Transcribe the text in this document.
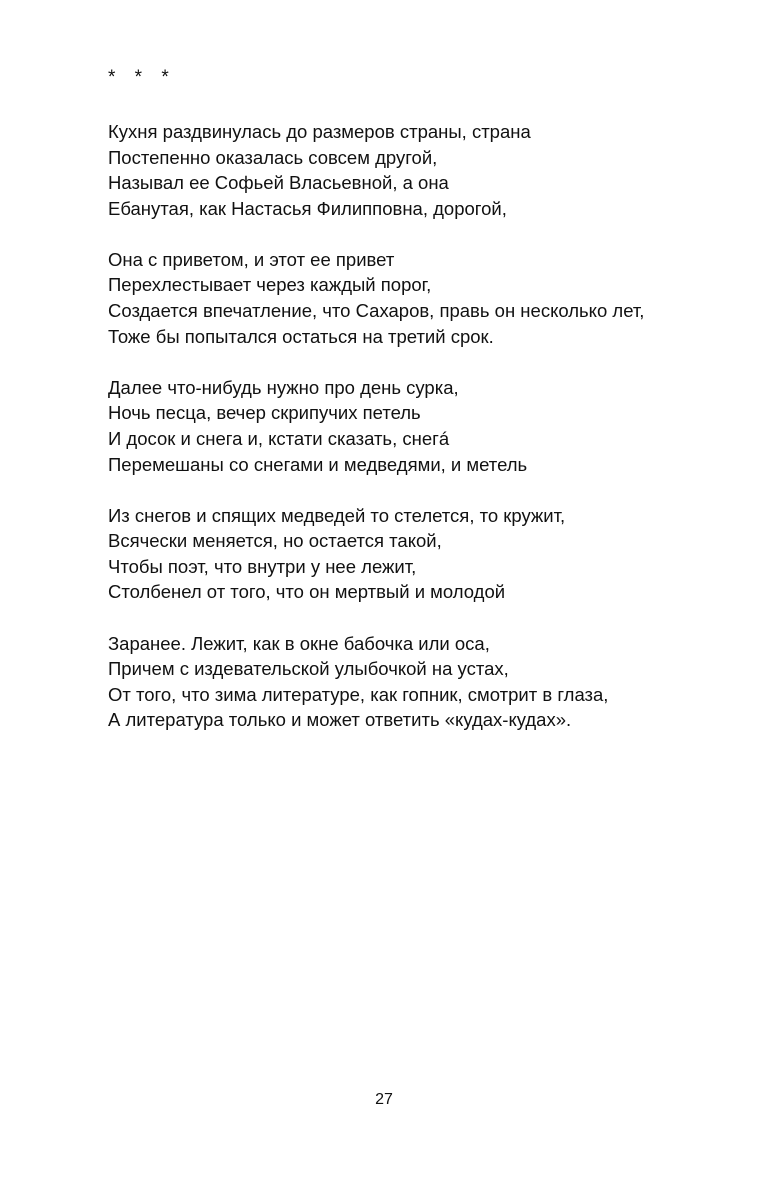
* * *
Кухня раздвинулась до размеров страны, страна
Постепенно оказалась совсем другой,
Называл ее Софьей Власьевной, а она
Ебанутая, как Настасья Филипповна, дорогой,
Она с приветом, и этот ее привет
Перехлестывает через каждый порог,
Создается впечатление, что Сахаров, правь он несколько лет,
Тоже бы попытался остаться на третий срок.
Далее что-нибудь нужно про день сурка,
Ночь песца, вечер скрипучих петель
И досок и снега и, кстати сказать, снегá
Перемешаны со снегами и медведями, и метель
Из снегов и спящих медведей то стелется, то кружит,
Всячески меняется, но остается такой,
Чтобы поэт, что внутри у нее лежит,
Столбенел от того, что он мертвый и молодой
Заранее. Лежит, как в окне бабочка или оса,
Причем с издевательской улыбочкой на устах,
От того, что зима литературе, как гопник, смотрит в глаза,
А литература только и может ответить «кудах-кудах».
27
